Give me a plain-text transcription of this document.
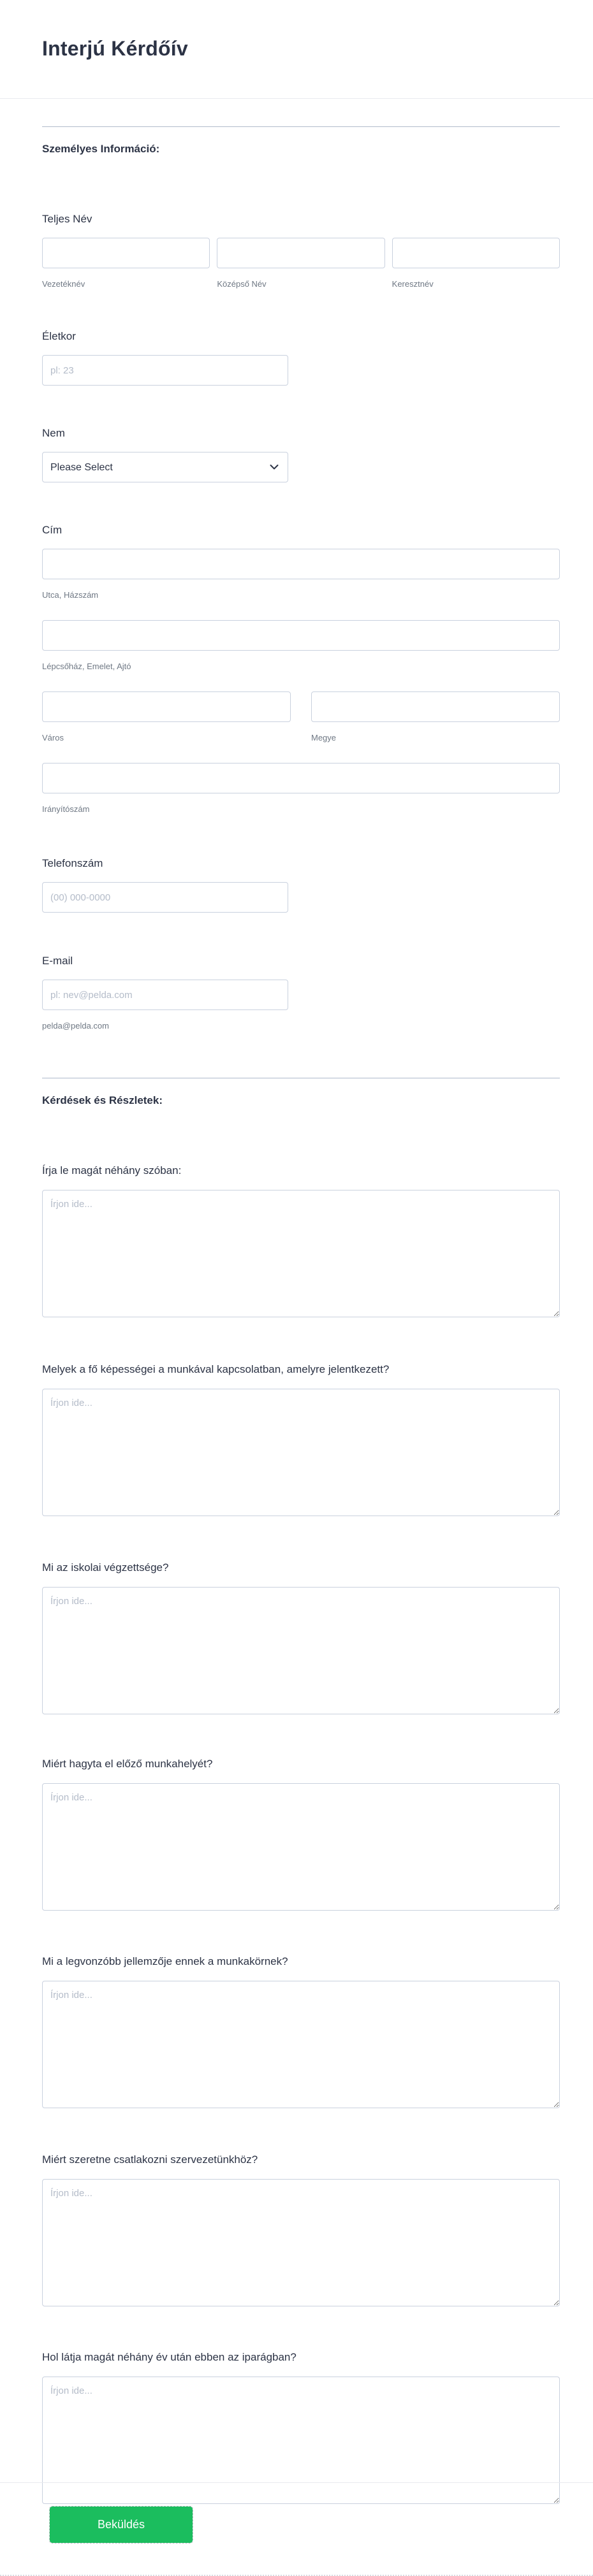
Interjú Kérdőív
Személyes Információ:
Teljes Név
Vezetéknév	Középső Név	Keresztnév
Életkor
pl: 23
Nem
Please Select
Cím
Utca, Házszám
Lépcsőház, Emelet, Ajtó
Város	Megye
Irányítószám
Telefonszám
(00) 000-0000
E-mail
pl: nev@pelda.com
pelda@pelda.com
Kérdések és Részletek:
Írja le magát néhány szóban:
Írjon ide...
Melyek a fő képességei a munkával kapcsolatban, amelyre jelentkezett?
Írjon ide...
Mi az iskolai végzettsége?
Írjon ide...
Miért hagyta el előző munkahelyét?
Írjon ide...
Mi a legvonzóbb jellemzője ennek a munkakörnek?
Írjon ide...
Miért szeretne csatlakozni szervezetünkhöz?
Írjon ide...
Hol látja magát néhány év után ebben az iparágban?
Írjon ide...
Beküldés
